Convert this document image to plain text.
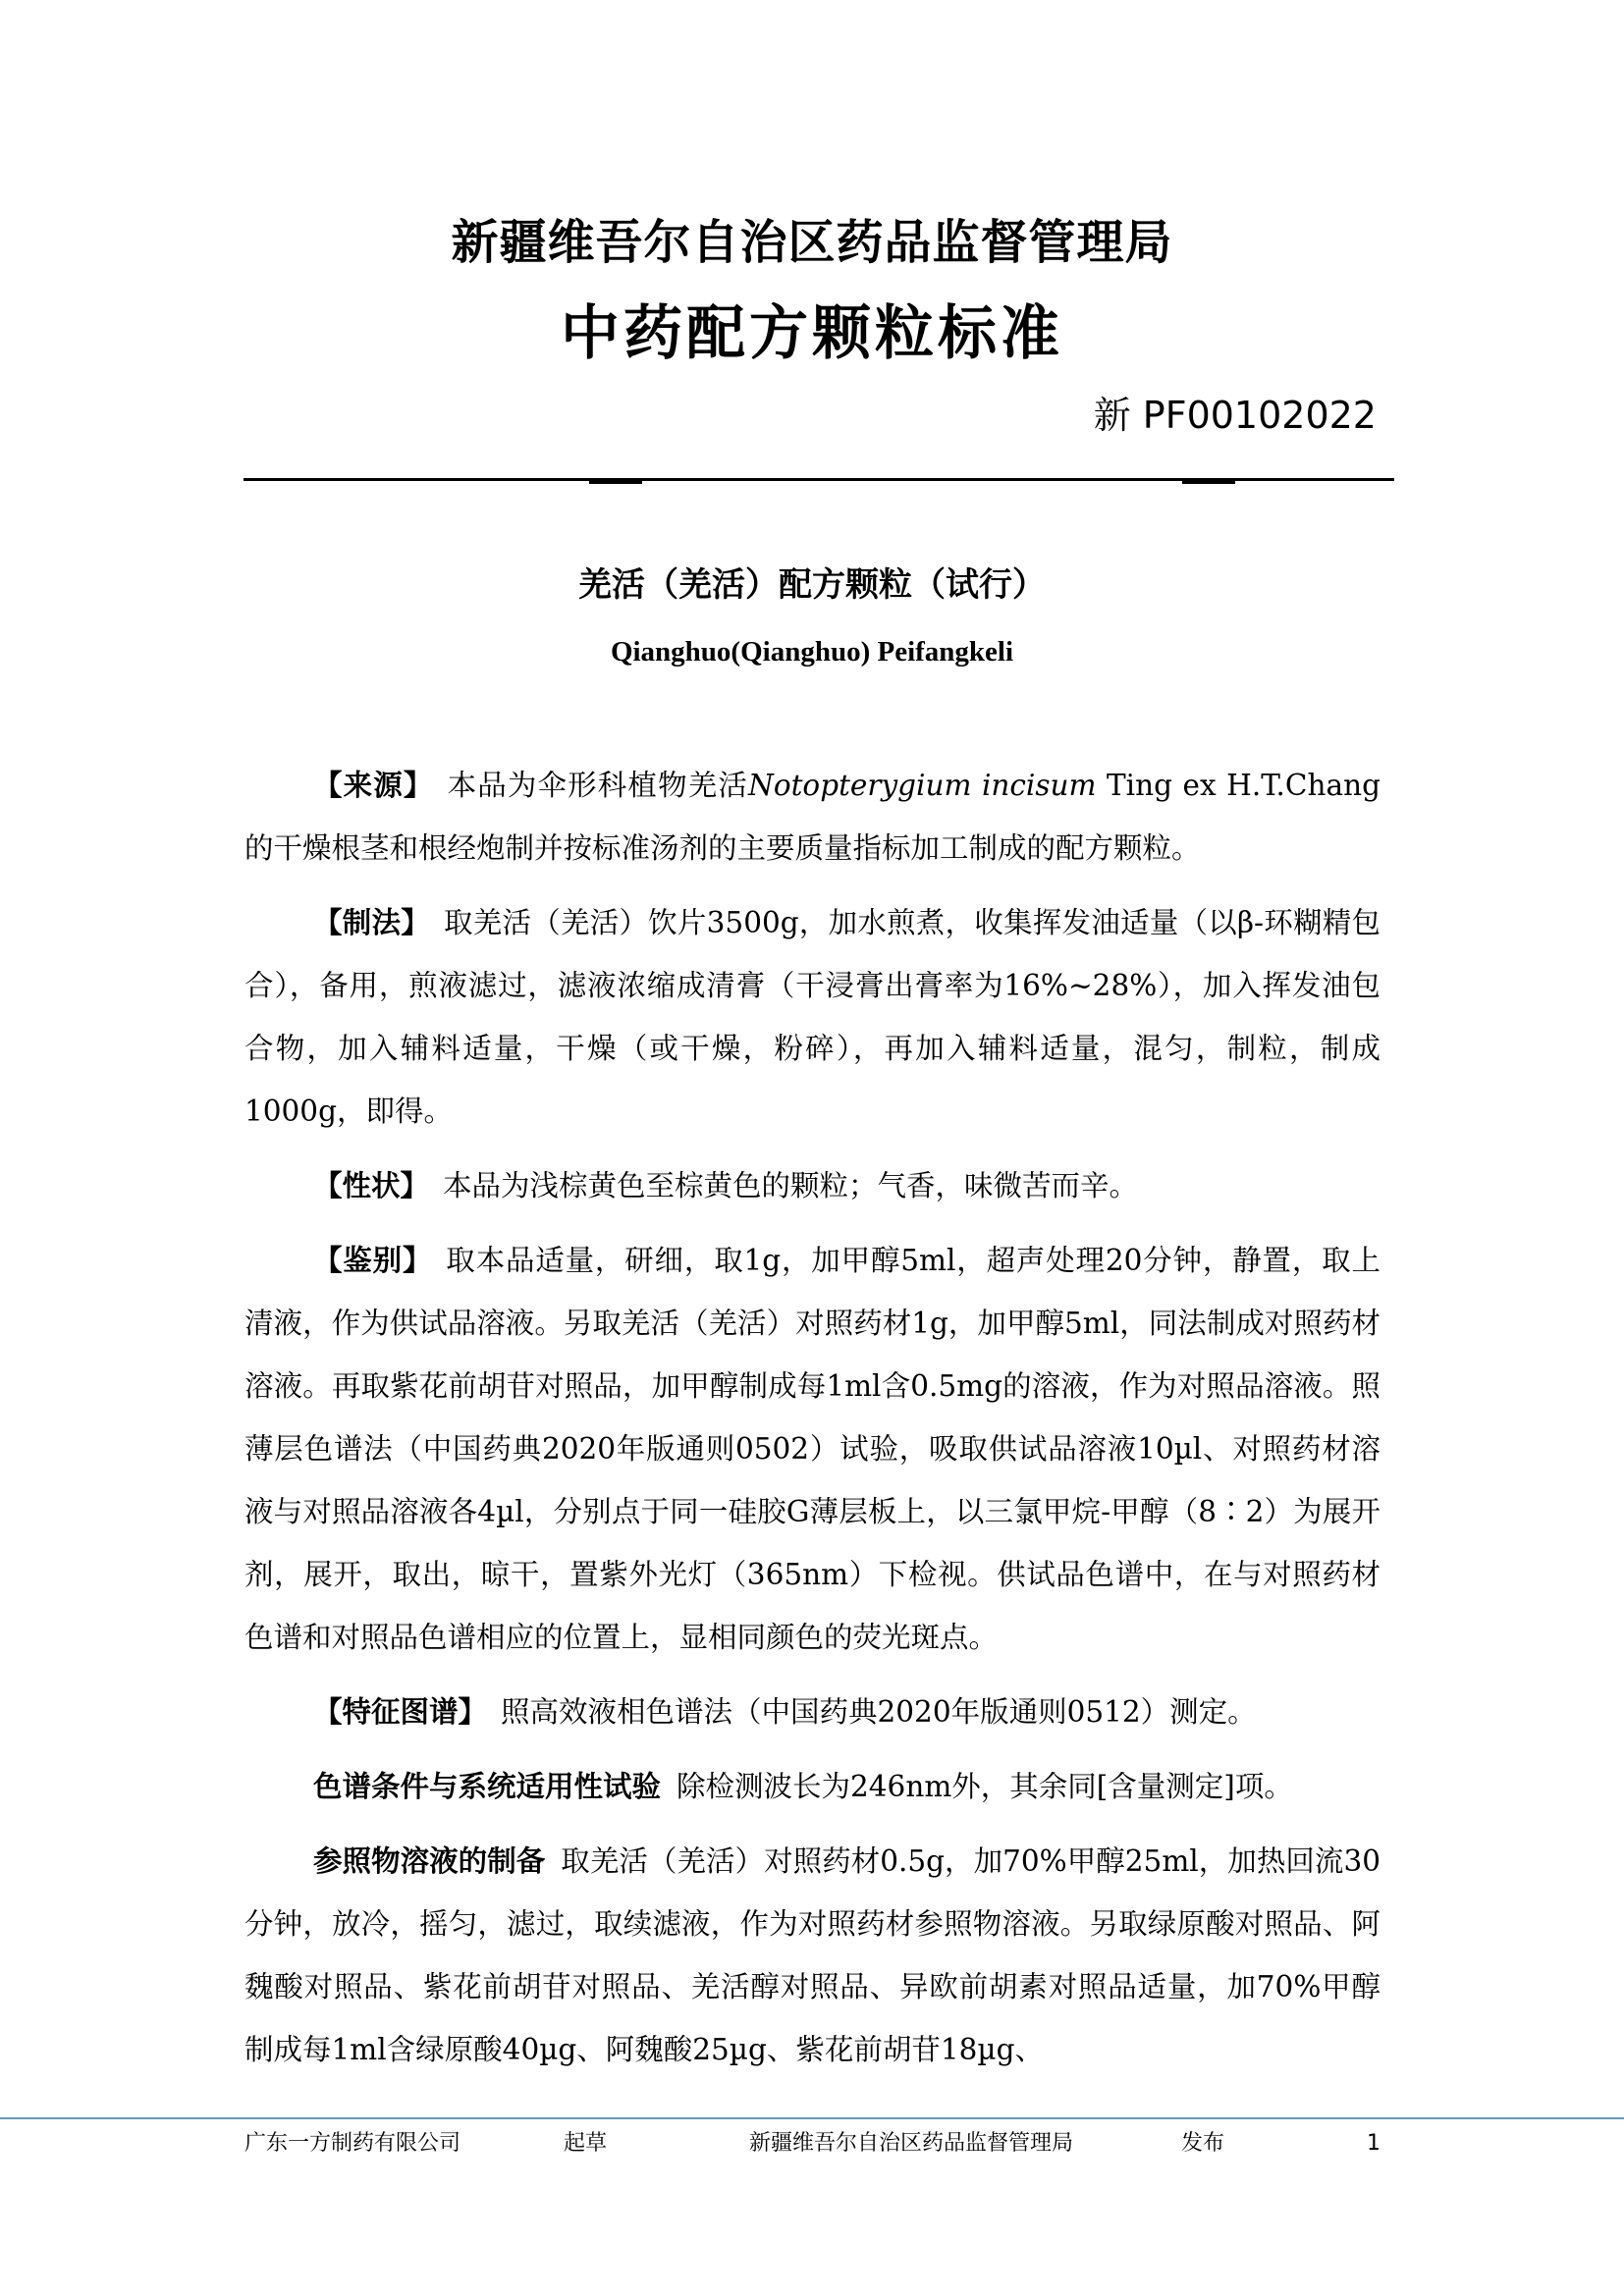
新疆维吾尔自治区药品监督管理局
中药配方颗粒标准
新 PF00102022
羌活（羌活）配方颗粒（试行）
Qianghuo(Qianghuo) Peifangkeli

【来源】 本品为伞形科植物羌活Notopterygium incisum Ting ex H.T.Chang的干燥根茎和根经炮制并按标准汤剂的主要质量指标加工制成的配方颗粒。

【制法】 取羌活（羌活）饮片3500g，加水煎煮，收集挥发油适量（以β-环糊精包合），备用，煎液滤过，滤液浓缩成清膏（干浸膏出膏率为16%~28%），加入挥发油包合物，加入辅料适量，干燥（或干燥，粉碎），再加入辅料适量，混匀，制粒，制成1000g，即得。

【性状】 本品为浅棕黄色至棕黄色的颗粒；气香，味微苦而辛。

【鉴别】 取本品适量，研细，取1g，加甲醇5ml，超声处理20分钟，静置，取上清液，作为供试品溶液。另取羌活（羌活）对照药材1g，加甲醇5ml，同法制成对照药材溶液。再取紫花前胡苷对照品，加甲醇制成每1ml含0.5mg的溶液，作为对照品溶液。照薄层色谱法（中国药典2020年版通则0502）试验，吸取供试品溶液10µl、对照药材溶液与对照品溶液各4µl，分别点于同一硅胶G薄层板上，以三氯甲烷-甲醇（8∶2）为展开剂，展开，取出，晾干，置紫外光灯（365nm）下检视。供试品色谱中，在与对照药材色谱和对照品色谱相应的位置上，显相同颜色的荧光斑点。

【特征图谱】 照高效液相色谱法（中国药典2020年版通则0512）测定。

色谱条件与系统适用性试验 除检测波长为246nm外，其余同[含量测定]项。

参照物溶液的制备 取羌活（羌活）对照药材0.5g，加70%甲醇25ml，加热回流30分钟，放冷，摇匀，滤过，取续滤液，作为对照药材参照物溶液。另取绿原酸对照品、阿魏酸对照品、紫花前胡苷对照品、羌活醇对照品、异欧前胡素对照品适量，加70%甲醇制成每1ml含绿原酸40µg、阿魏酸25µg、紫花前胡苷18µg、

广东一方制药有限公司	起草	新疆维吾尔自治区药品监督管理局	发布	1
